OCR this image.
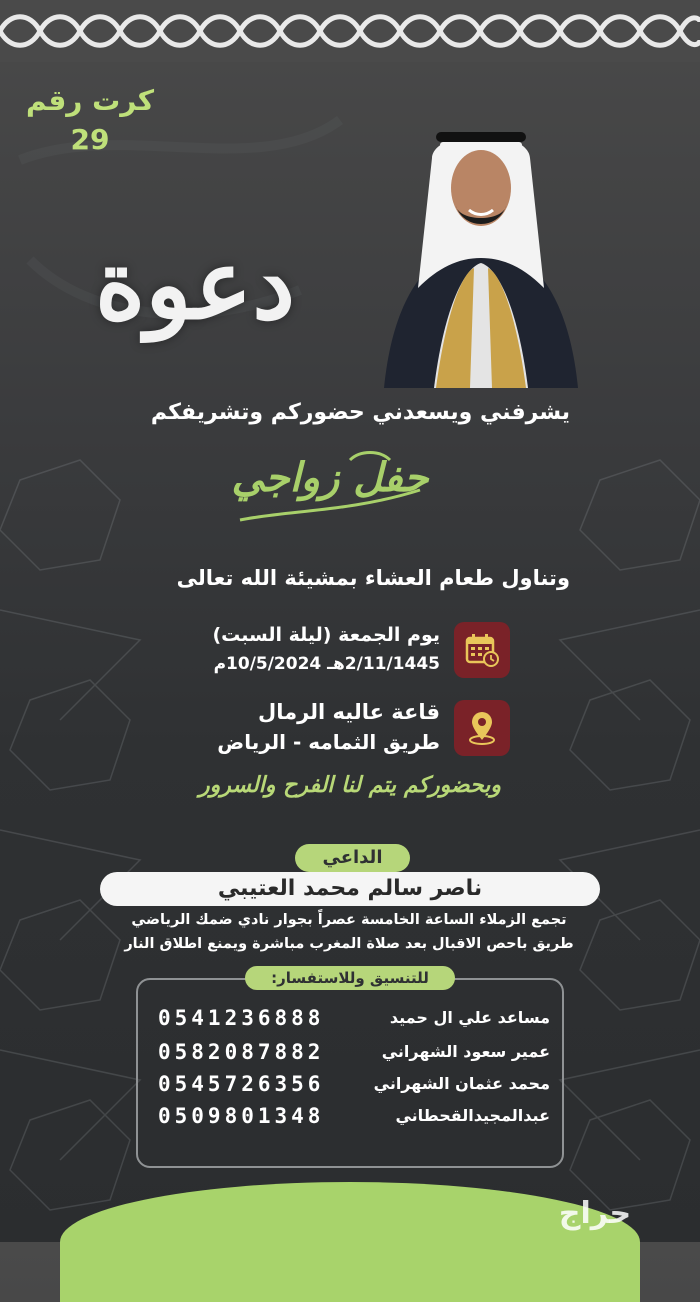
كرت رقم
29
دعوة
يشرفني ويسعدني حضوركم وتشريفكم
حفل زواجي
وتناول طعام العشاء بمشيئة الله تعالى
يوم الجمعة (ليلة السبت)
2/11/1445هـ 10/5/2024م
قاعة عاليه الرمال
طريق الثمامه - الرياض
وبحضوركم يتم لنا الفرح والسرور
الداعي
ناصر سالم محمد العتيبي
تجمع الزملاء الساعة الخامسة عصراً بجوار نادي ضمك الرياضي
طريق باحص الاقبال بعد صلاة المغرب مباشرة ويمنع اطلاق النار
للتنسيق وللاستفسار:
0541236888	مساعد علي ال حميد
0582087882	عمير سعود الشهراني
0545726356	محمد عثمان الشهراني
0509801348	عبدالمجيدالقحطاني
حراج
